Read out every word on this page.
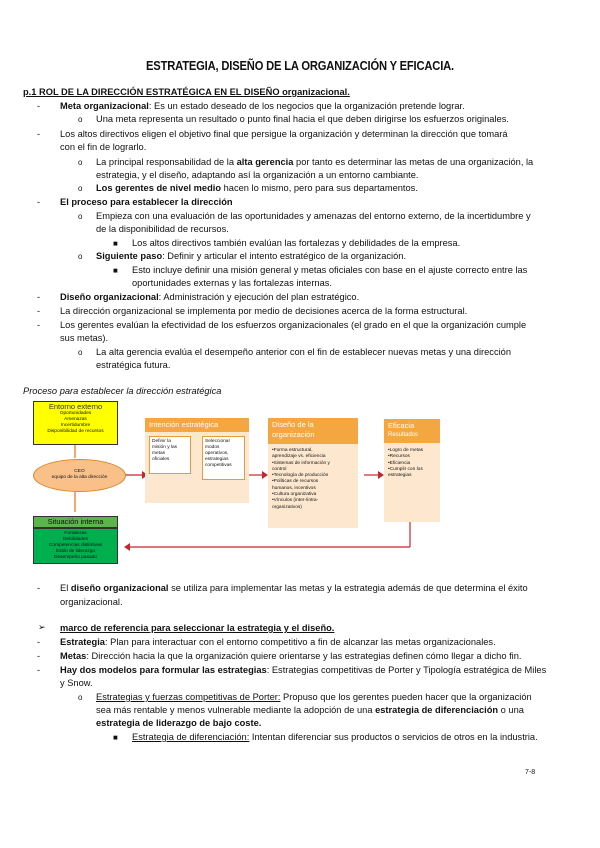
ESTRATEGIA, DISEÑO DE LA ORGANIZACIÓN Y EFICACIA.
p.1 ROL DE LA DIRECCIÓN ESTRATÉGICA EN EL DISEÑO organizacional.
- Meta organizacional: Es un estado deseado de los negocios que la organización pretende lograr.
o Una meta representa un resultado o punto final hacia el que deben dirigirse los esfuerzos originales.
- Los altos directivos eligen el objetivo final que persigue la organización y determinan la dirección que tomará
con el fin de lograrlo.
o La principal responsabilidad de la alta gerencia por tanto es determinar las metas de una organización, la
estrategia, y el diseño, adaptando así la organización a un entorno cambiante.
o Los gerentes de nivel medio hacen lo mismo, pero para sus departamentos.
- El proceso para establecer la dirección
o Empieza con una evaluación de las oportunidades y amenazas del entorno externo, de la incertidumbre y
de la disponibilidad de recursos.
■ Los altos directivos también evalúan las fortalezas y debilidades de la empresa.
o Siguiente paso: Definir y articular el intento estratégico de la organización.
■ Esto incluye definir una misión general y metas oficiales con base en el ajuste correcto entre las
oportunidades externas y las fortalezas internas.
- Diseño organizacional: Administración y ejecución del plan estratégico.
- La dirección organizacional se implementa por medio de decisiones acerca de la forma estructural.
- Los gerentes evalúan la efectividad de los esfuerzos organizacionales (el grado en el que la organización cumple
sus metas).
o La alta gerencia evalúa el desempeño anterior con el fin de establecer nuevas metas y una dirección
estratégica futura.
Proceso para establecer la dirección estratégica
Entorno externo
Oportunidades
Amenazas
Incertidumbre
Disponibilidad de recursos
CEO
equipo de la alta dirección
Situación interna
Fortalezas
Debilidades
Competencias distintivas
Estilo de liderazgo
Desempeño pasado
Intención estratégica
Definir la
misión y las
metas
oficiales
Seleccionar
modos
operativos,
estrategias
competitivas
Diseño de la
organización
•Forma estructural,
aprendizaje vs. eficiencia
•Sistemas de información y
control
•Tecnología de producción
•Políticas de recursos
humanos, incentivos
•Cultura organizativa
•Vínculos (inter-/intra-
organizativos)
Eficacia
Resultados
•Logro de metas
•Recursos
•Eficiencia
•Cumplir con los
estrategias
- El diseño organizacional se utiliza para implementar las metas y la estrategia además de que determina el éxito
organizacional.
➢ marco de referencia para seleccionar la estrategia y el diseño.
- Estrategia: Plan para interactuar con el entorno competitivo a fin de alcanzar las metas organizacionales.
- Metas: Dirección hacia la que la organización quiere orientarse y las estrategias definen cómo llegar a dicho fin.
- Hay dos modelos para formular las estrategias: Estrategias competitivas de Porter y Tipología estratégica de Miles
y Snow.
o Estrategias y fuerzas competitivas de Porter: Propuso que los gerentes pueden hacer que la organización
sea más rentable y menos vulnerable mediante la adopción de una estrategia de diferenciación o una
estrategia de liderazgo de bajo coste.
■ Estrategia de diferenciación: Intentan diferenciar sus productos o servicios de otros en la industria.
7-8
